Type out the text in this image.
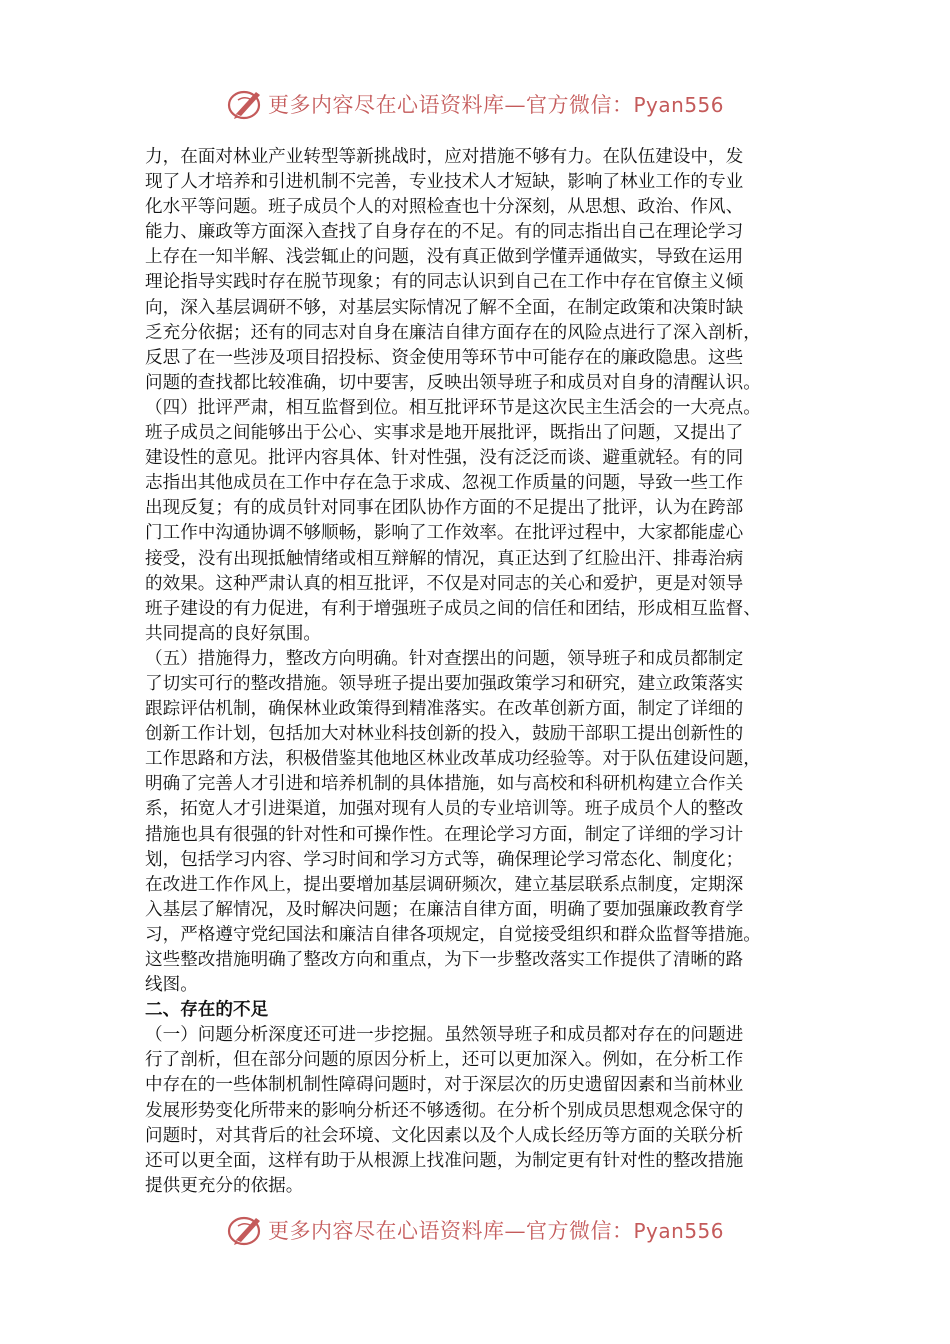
更多内容尽在心语资料库—官方微信：Pyan556
力，在面对林业产业转型等新挑战时，应对措施不够有力。在队伍建设中，发
现了人才培养和引进机制不完善，专业技术人才短缺，影响了林业工作的专业
化水平等问题。班子成员个人的对照检查也十分深刻，从思想、政治、作风、
能力、廉政等方面深入查找了自身存在的不足。有的同志指出自己在理论学习
上存在一知半解、浅尝辄止的问题，没有真正做到学懂弄通做实，导致在运用
理论指导实践时存在脱节现象；有的同志认识到自己在工作中存在官僚主义倾
向，深入基层调研不够，对基层实际情况了解不全面，在制定政策和决策时缺
乏充分依据；还有的同志对自身在廉洁自律方面存在的风险点进行了深入剖析，
反思了在一些涉及项目招投标、资金使用等环节中可能存在的廉政隐患。这些
问题的查找都比较准确，切中要害，反映出领导班子和成员对自身的清醒认识。
（四）批评严肃，相互监督到位。相互批评环节是这次民主生活会的一大亮点。
班子成员之间能够出于公心、实事求是地开展批评，既指出了问题，又提出了
建设性的意见。批评内容具体、针对性强，没有泛泛而谈、避重就轻。有的同
志指出其他成员在工作中存在急于求成、忽视工作质量的问题，导致一些工作
出现反复；有的成员针对同事在团队协作方面的不足提出了批评，认为在跨部
门工作中沟通协调不够顺畅，影响了工作效率。在批评过程中，大家都能虚心
接受，没有出现抵触情绪或相互辩解的情况，真正达到了红脸出汗、排毒治病
的效果。这种严肃认真的相互批评，不仅是对同志的关心和爱护，更是对领导
班子建设的有力促进，有利于增强班子成员之间的信任和团结，形成相互监督、
共同提高的良好氛围。
（五）措施得力，整改方向明确。针对查摆出的问题，领导班子和成员都制定
了切实可行的整改措施。领导班子提出要加强政策学习和研究，建立政策落实
跟踪评估机制，确保林业政策得到精准落实。在改革创新方面，制定了详细的
创新工作计划，包括加大对林业科技创新的投入，鼓励干部职工提出创新性的
工作思路和方法，积极借鉴其他地区林业改革成功经验等。对于队伍建设问题，
明确了完善人才引进和培养机制的具体措施，如与高校和科研机构建立合作关
系，拓宽人才引进渠道，加强对现有人员的专业培训等。班子成员个人的整改
措施也具有很强的针对性和可操作性。在理论学习方面，制定了详细的学习计
划，包括学习内容、学习时间和学习方式等，确保理论学习常态化、制度化；
在改进工作作风上，提出要增加基层调研频次，建立基层联系点制度，定期深
入基层了解情况，及时解决问题；在廉洁自律方面，明确了要加强廉政教育学
习，严格遵守党纪国法和廉洁自律各项规定，自觉接受组织和群众监督等措施。
这些整改措施明确了整改方向和重点，为下一步整改落实工作提供了清晰的路
线图。
二、存在的不足
（一）问题分析深度还可进一步挖掘。虽然领导班子和成员都对存在的问题进
行了剖析，但在部分问题的原因分析上，还可以更加深入。例如，在分析工作
中存在的一些体制机制性障碍问题时，对于深层次的历史遗留因素和当前林业
发展形势变化所带来的影响分析还不够透彻。在分析个别成员思想观念保守的
问题时，对其背后的社会环境、文化因素以及个人成长经历等方面的关联分析
还可以更全面，这样有助于从根源上找准问题，为制定更有针对性的整改措施
提供更充分的依据。
更多内容尽在心语资料库—官方微信：Pyan556
